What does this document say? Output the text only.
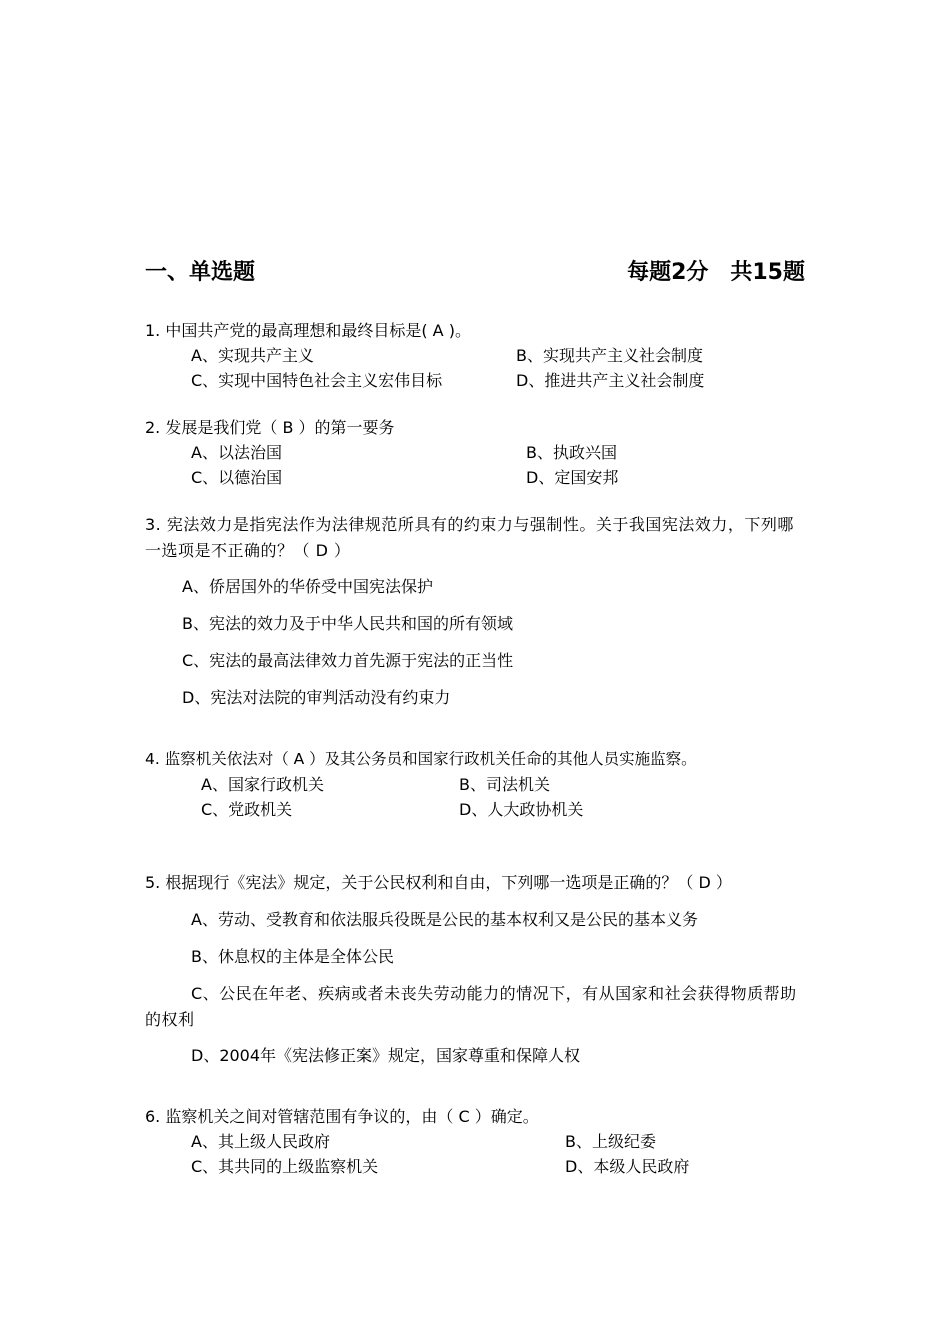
一、单选题	每题2分　共15题
1. 中国共产党的最高理想和最终目标是( A )。
A、实现共产主义	B、实现共产主义社会制度
C、实现中国特色社会主义宏伟目标	D、推进共产主义社会制度
2. 发展是我们党（ B ）的第一要务
A、以法治国	B、执政兴国
C、以德治国	D、定国安邦
3. 宪法效力是指宪法作为法律规范所具有的约束力与强制性。关于我国宪法效力，下列哪一选项是不正确的？（ D ）
A、侨居国外的华侨受中国宪法保护
B、宪法的效力及于中华人民共和国的所有领域
C、宪法的最高法律效力首先源于宪法的正当性
D、宪法对法院的审判活动没有约束力
4. 监察机关依法对（ A ）及其公务员和国家行政机关任命的其他人员实施监察。
A、国家行政机关	B、司法机关
C、党政机关	D、人大政协机关
5. 根据现行《宪法》规定，关于公民权利和自由，下列哪一选项是正确的？（ D ）
A、劳动、受教育和依法服兵役既是公民的基本权利又是公民的基本义务
B、休息权的主体是全体公民
C、公民在年老、疾病或者未丧失劳动能力的情况下，有从国家和社会获得物质帮助的权利
D、2004年《宪法修正案》规定，国家尊重和保障人权
6. 监察机关之间对管辖范围有争议的，由（ C ）确定。
A、其上级人民政府	B、上级纪委
C、其共同的上级监察机关	D、本级人民政府
